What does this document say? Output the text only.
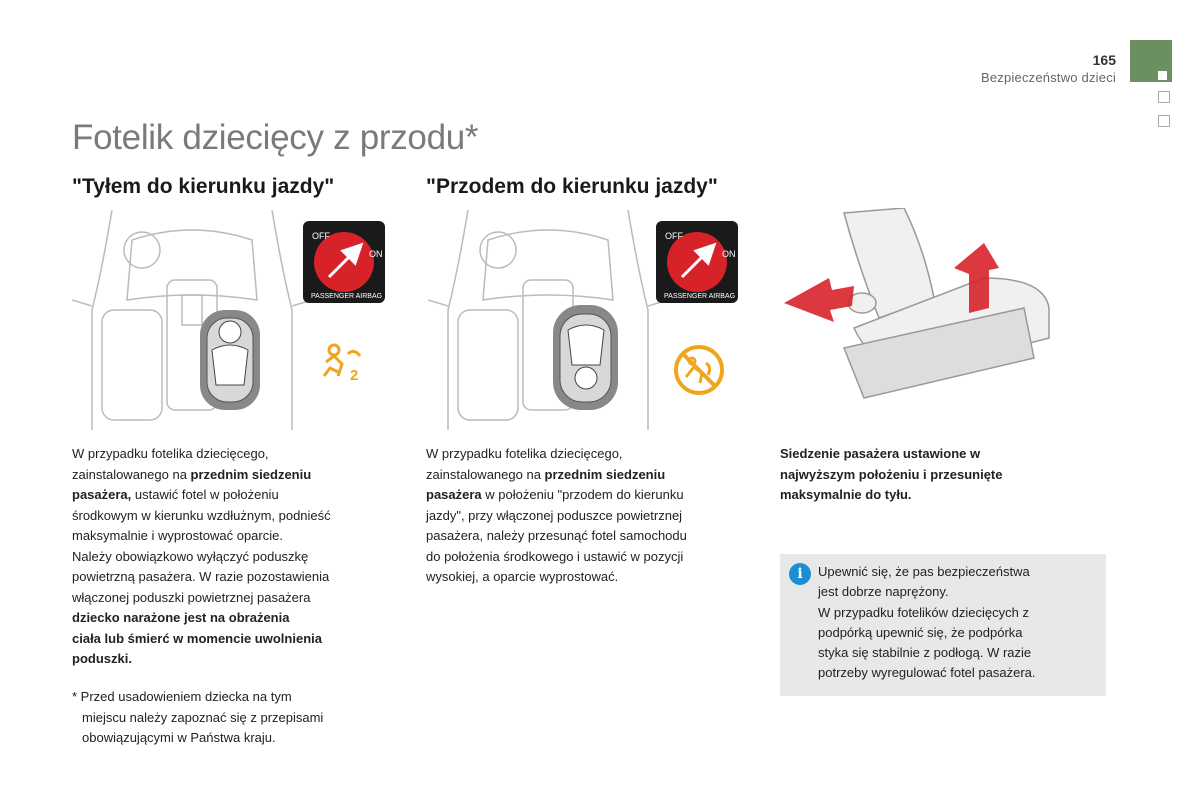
165
Bezpieczeństwo dzieci
Fotelik dziecięcy z przodu*
"Tyłem do kierunku jazdy"	"Przodem do kierunku jazdy"
OFF
ON
PASSENGER AIRBAG
2
OFF
ON
PASSENGER AIRBAG
W przypadku fotelika dziecięcego,
zainstalowanego na przednim siedzeniu
pasażera, ustawić fotel w położeniu
środkowym w kierunku wzdłużnym, podnieść
maksymalnie i wyprostować oparcie.
Należy obowiązkowo wyłączyć poduszkę
powietrzną pasażera. W razie pozostawienia
włączonej poduszki powietrznej pasażera
dziecko narażone jest na obrażenia
ciała lub śmierć w momencie uwolnienia
poduszki.
* Przed usadowieniem dziecka na tym
miejscu należy zapoznać się z przepisami
obowiązującymi w Państwa kraju.
W przypadku fotelika dziecięcego,
zainstalowanego na przednim siedzeniu
pasażera w położeniu "przodem do kierunku
jazdy", przy włączonej poduszce powietrznej
pasażera, należy przesunąć fotel samochodu
do położenia środkowego i ustawić w pozycji
wysokiej, a oparcie wyprostować.
Siedzenie pasażera ustawione w
najwyższym położeniu i przesunięte
maksymalnie do tyłu.
i	Upewnić się, że pas bezpieczeństwa
jest dobrze naprężony.
W przypadku fotelików dziecięcych z
podpórką upewnić się, że podpórka
styka się stabilnie z podłogą. W razie
potrzeby wyregulować fotel pasażera.
